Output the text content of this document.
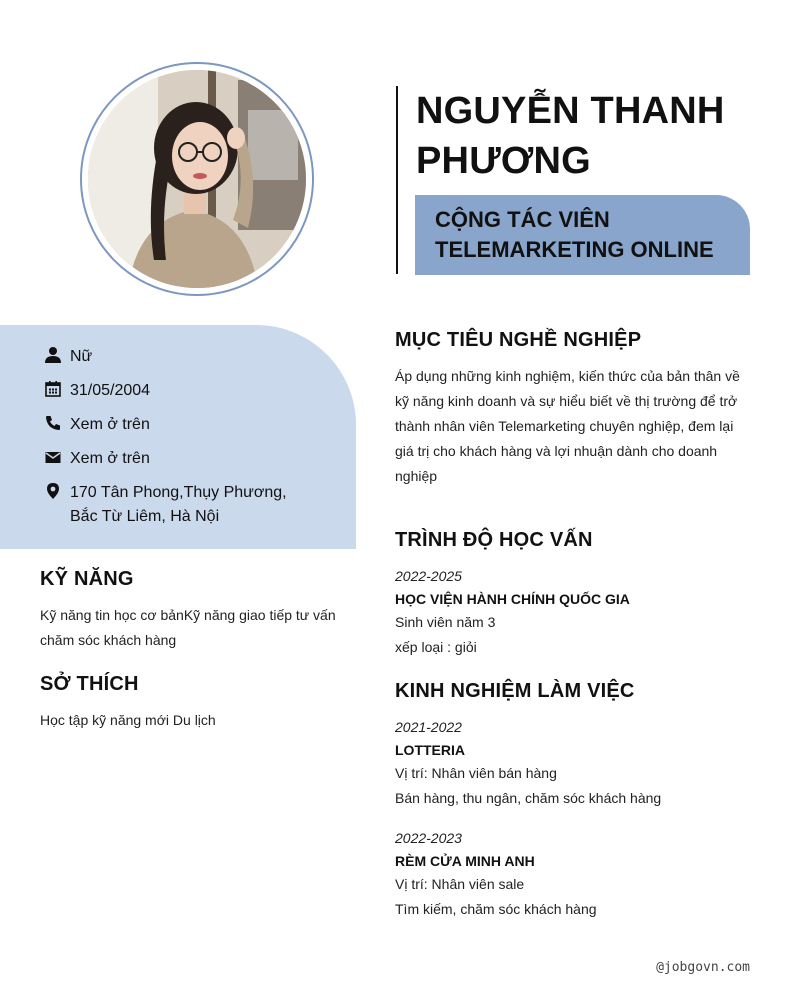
NGUYỄN THANH
PHƯƠNG
CỘNG TÁC VIÊN
TELEMARKETING ONLINE
Nữ
31/05/2004
Xem ở trên
Xem ở trên
170 Tân Phong,Thụy Phương,
Bắc Từ Liêm, Hà Nội
KỸ NĂNG
Kỹ năng tin học cơ bảnKỹ năng giao tiếp tư vấn
chăm sóc khách hàng
SỞ THÍCH
Học tập kỹ năng mới Du lịch
MỤC TIÊU NGHỀ NGHIỆP
Áp dụng những kinh nghiệm, kiến thức của bản thân về
kỹ năng kinh doanh và sự hiểu biết về thị trường để trở
thành nhân viên Telemarketing chuyên nghiệp, đem lại
giá trị cho khách hàng và lợi nhuận dành cho doanh
nghiệp
TRÌNH ĐỘ HỌC VẤN
2022-2025
HỌC VIỆN HÀNH CHÍNH QUỐC GIA
Sinh viên năm 3
xếp loại : giỏi
KINH NGHIỆM LÀM VIỆC
2021-2022
LOTTERIA
Vị trí: Nhân viên bán hàng
Bán hàng, thu ngân, chăm sóc khách hàng
2022-2023
RÈM CỬA MINH ANH
Vị trí: Nhân viên sale
Tìm kiếm, chăm sóc khách hàng
@jobgovn.com
